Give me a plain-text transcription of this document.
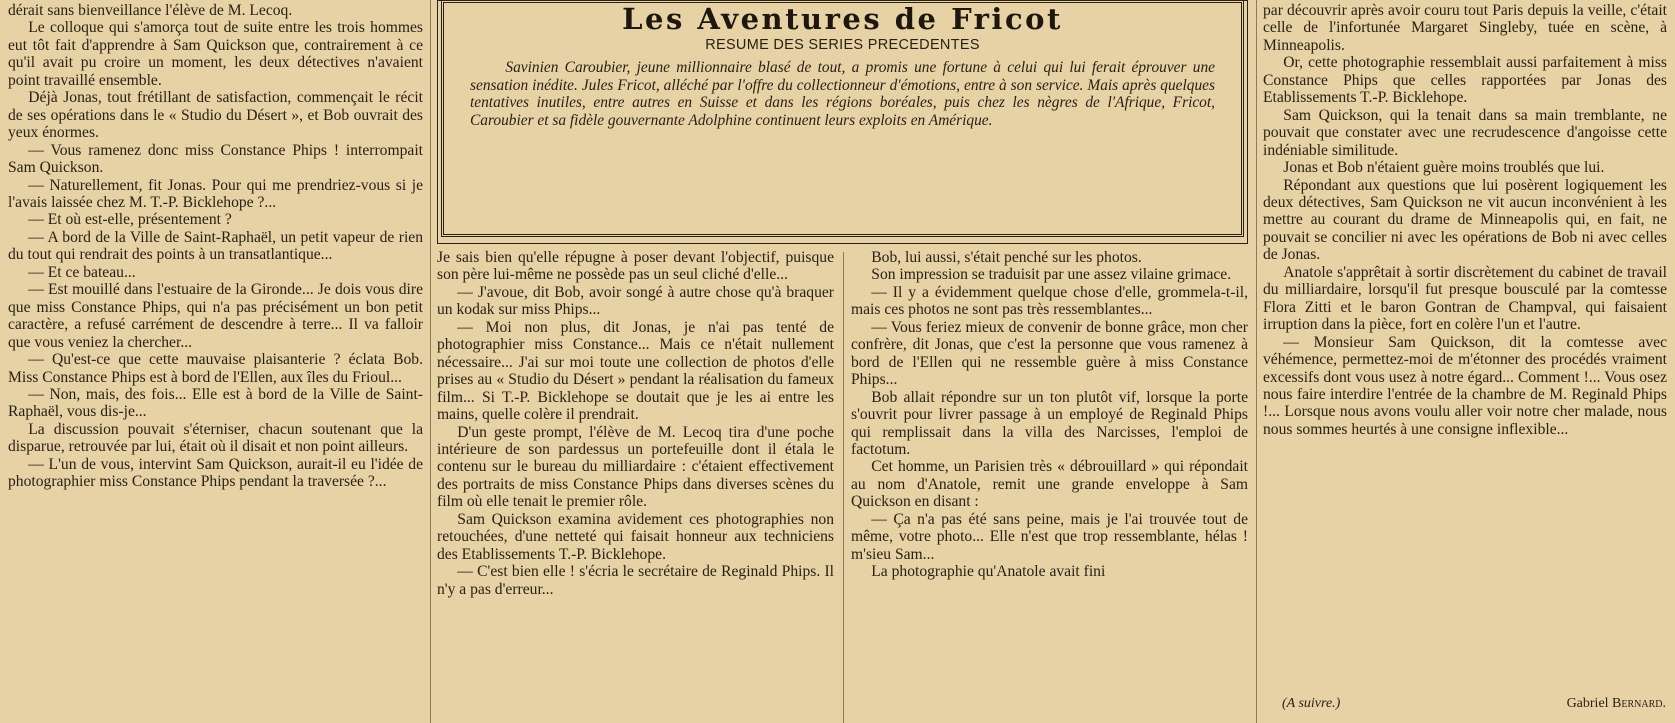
Les Aventures de Fricot
RESUME DES SERIES PRECEDENTES

Savinien Caroubier, jeune millionnaire blasé de tout, a promis une fortune à celui qui lui ferait éprouver une sensation inédite. Jules Fricot, alléché par l'offre du collectionneur d'émotions, entre à son service. Mais après quelques tentatives inutiles, entre autres en Suisse et dans les régions boréales, puis chez les nègres de l'Afrique, Fricot, Caroubier et sa fidèle gouvernante Adolphine continuent leurs exploits en Amérique.

dérait sans bienveillance l'élève de M. Lecoq.

Le colloque qui s'amorça tout de suite entre les trois hommes eut tôt fait d'apprendre à Sam Quickson que, contrairement à ce qu'il avait pu croire un moment, les deux détectives n'avaient point travaillé ensemble.

Déjà Jonas, tout frétillant de satisfaction, commençait le récit de ses opérations dans le « Studio du Désert », et Bob ouvrait des yeux énormes.

— Vous ramenez donc miss Constance Phips ! interrompait Sam Quickson.

— Naturellement, fit Jonas. Pour qui me prendriez-vous si je l'avais laissée chez M. T.-P. Bicklehope ?...

— Et où est-elle, présentement ?

— A bord de la Ville de Saint-Raphaël, un petit vapeur de rien du tout qui rendrait des points à un transatlantique...

— Et ce bateau...

— Est mouillé dans l'estuaire de la Gironde... Je dois vous dire que miss Constance Phips, qui n'a pas précisément un bon petit caractère, a refusé carrément de descendre à terre... Il va falloir que vous veniez la chercher...

— Qu'est-ce que cette mauvaise plaisanterie ? éclata Bob. Miss Constance Phips est à bord de l'Ellen, aux îles du Frioul...

— Non, mais, des fois... Elle est à bord de la Ville de Saint-Raphaël, vous dis-je...

La discussion pouvait s'éterniser, chacun soutenant que la disparue, retrouvée par lui, était où il disait et non point ailleurs.

— L'un de vous, intervint Sam Quickson, aurait-il eu l'idée de photographier miss Constance Phips pendant la traversée ?...

Je sais bien qu'elle répugne à poser devant l'objectif, puisque son père lui-même ne possède pas un seul cliché d'elle...

— J'avoue, dit Bob, avoir songé à autre chose qu'à braquer un kodak sur miss Phips...

— Moi non plus, dit Jonas, je n'ai pas tenté de photographier miss Constance... Mais ce n'était nullement nécessaire... J'ai sur moi toute une collection de photos d'elle prises au « Studio du Désert » pendant la réalisation du fameux film... Si T.-P. Bicklehope se doutait que je les ai entre les mains, quelle colère il prendrait.

D'un geste prompt, l'élève de M. Lecoq tira d'une poche intérieure de son pardessus un portefeuille dont il étala le contenu sur le bureau du milliardaire : c'étaient effectivement des portraits de miss Constance Phips dans diverses scènes du film où elle tenait le premier rôle.

Sam Quickson examina avidement ces photographies non retouchées, d'une netteté qui faisait honneur aux techniciens des Etablissements T.-P. Bicklehope.

— C'est bien elle ! s'écria le secrétaire de Reginald Phips. Il n'y a pas d'erreur...

Bob, lui aussi, s'était penché sur les photos.

Son impression se traduisit par une assez vilaine grimace.

— Il y a évidemment quelque chose d'elle, grommela-t-il, mais ces photos ne sont pas très ressemblantes...

— Vous feriez mieux de convenir de bonne grâce, mon cher confrère, dit Jonas, que c'est la personne que vous ramenez à bord de l'Ellen qui ne ressemble guère à miss Constance Phips...

Bob allait répondre sur un ton plutôt vif, lorsque la porte s'ouvrit pour livrer passage à un employé de Reginald Phips qui remplissait dans la villa des Narcisses, l'emploi de factotum.

Cet homme, un Parisien très « débrouillard » qui répondait au nom d'Anatole, remit une grande enveloppe à Sam Quickson en disant :

— Ça n'a pas été sans peine, mais je l'ai trouvée tout de même, votre photo... Elle n'est que trop ressemblante, hélas ! m'sieu Sam...

La photographie qu'Anatole avait fini

par découvrir après avoir couru tout Paris depuis la veille, c'était celle de l'infortunée Margaret Singleby, tuée en scène, à Minneapolis.

Or, cette photographie ressemblait aussi parfaitement à miss Constance Phips que celles rapportées par Jonas des Etablissements T.-P. Bicklehope.

Sam Quickson, qui la tenait dans sa main tremblante, ne pouvait que constater avec une recrudescence d'angoisse cette indéniable similitude.

Jonas et Bob n'étaient guère moins troublés que lui.

Répondant aux questions que lui posèrent logiquement les deux détectives, Sam Quickson ne vit aucun inconvénient à les mettre au courant du drame de Minneapolis qui, en fait, ne pouvait se concilier ni avec les opérations de Bob ni avec celles de Jonas.

Anatole s'apprêtait à sortir discrètement du cabinet de travail du milliardaire, lorsqu'il fut presque bousculé par la comtesse Flora Zitti et le baron Gontran de Champval, qui faisaient irruption dans la pièce, fort en colère l'un et l'autre.

— Monsieur Sam Quickson, dit la comtesse avec véhémence, permettez-moi de m'étonner des procédés vraiment excessifs dont vous usez à notre égard... Comment !... Vous osez nous faire interdire l'entrée de la chambre de M. Reginald Phips !... Lorsque nous avons voulu aller voir notre cher malade, nous nous sommes heurtés à une consigne inflexible...

(A suivre.)	Gabriel Bernard.
